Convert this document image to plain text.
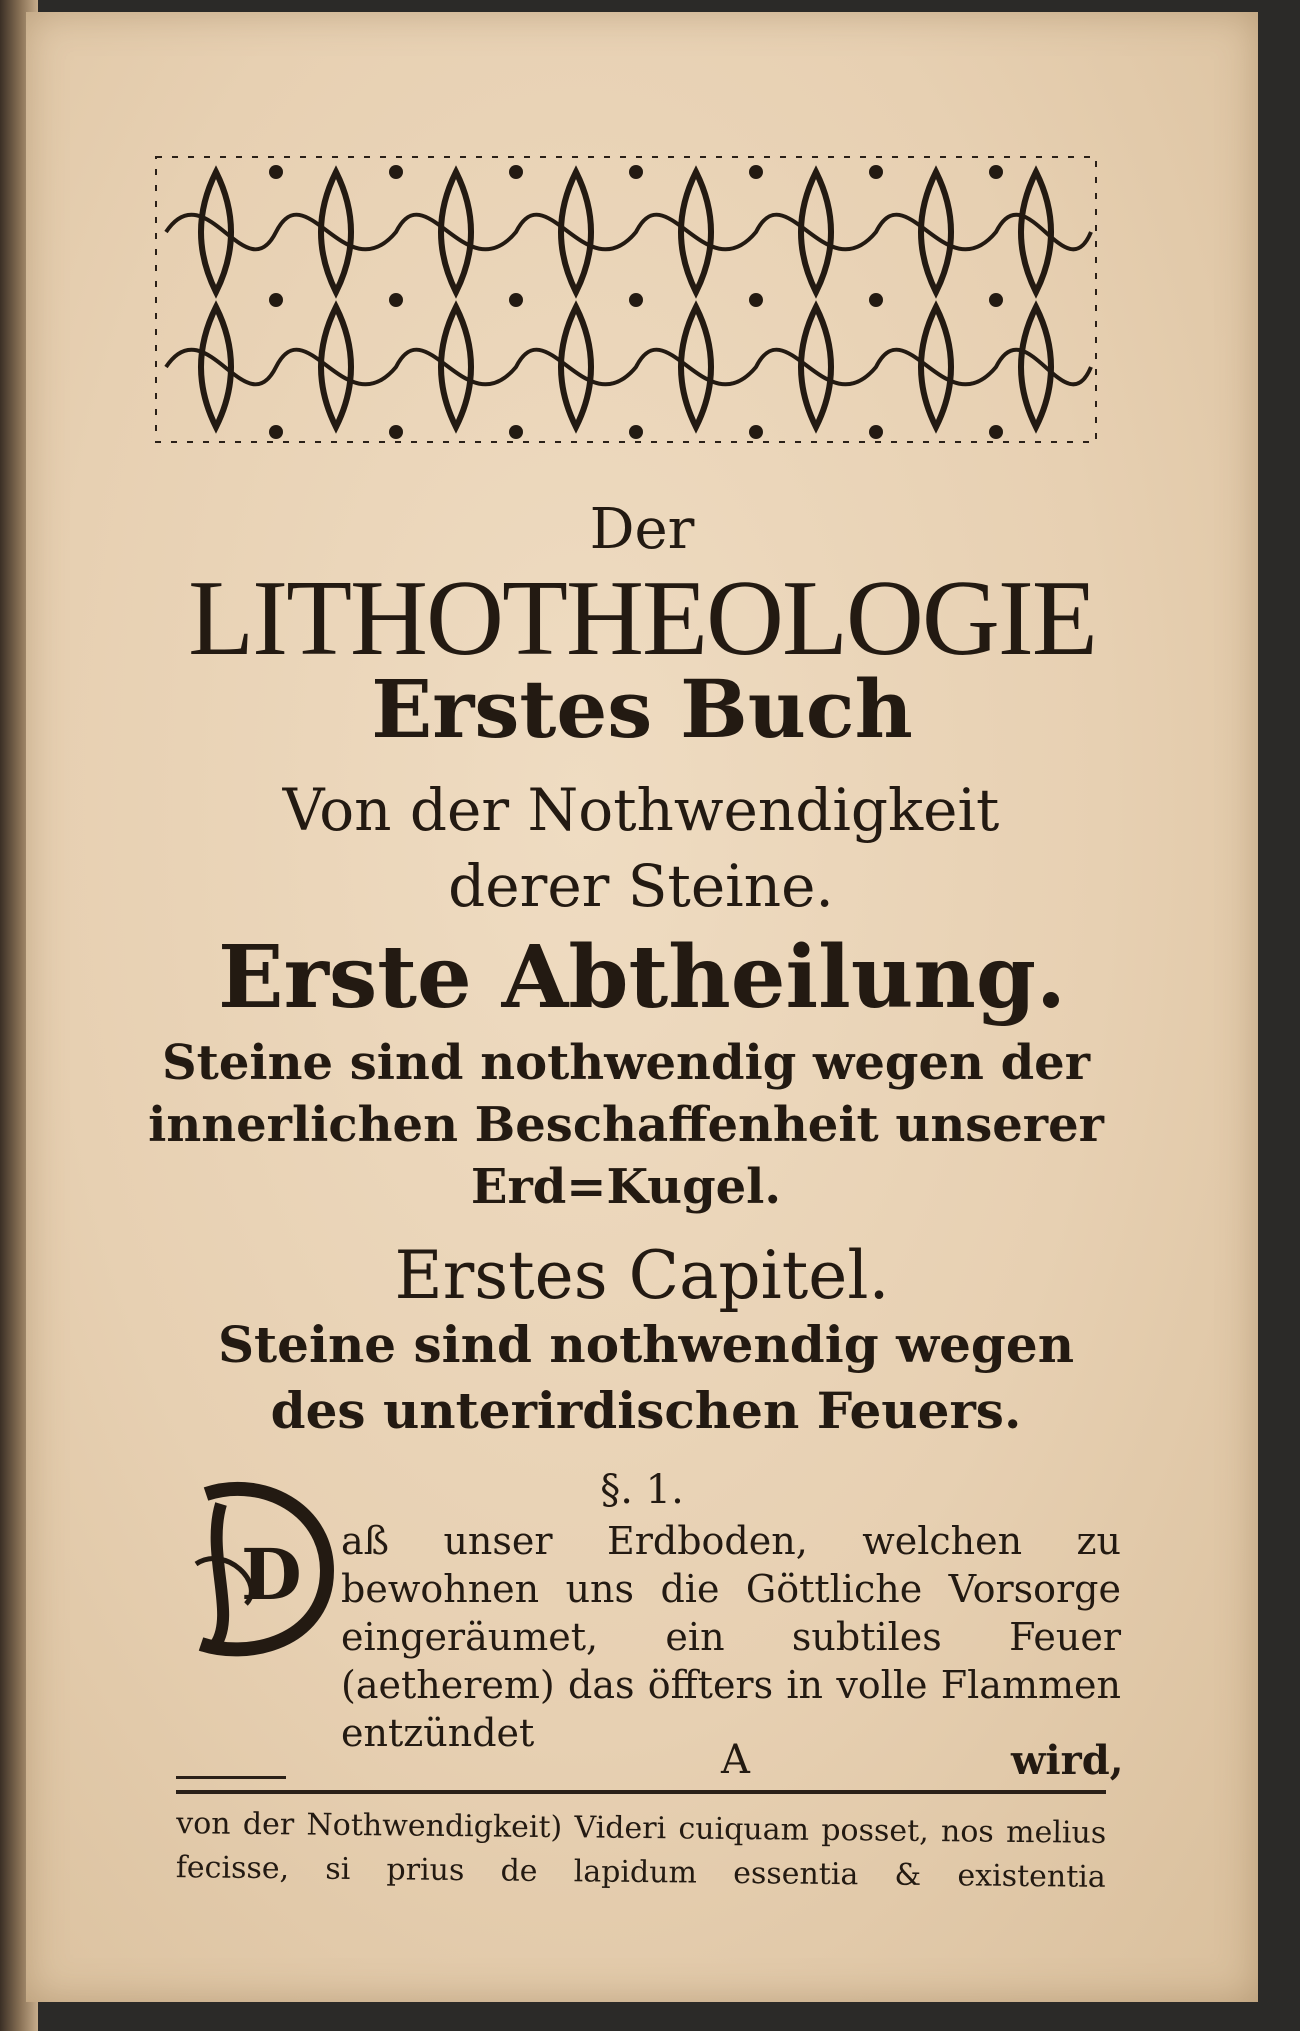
Der
LITHOTHEOLOGIE
Erstes Buch
Von der Nothwendigkeit derer Steine.
Erste Abtheilung.
Steine sind nothwendig wegen der innerlichen Beschaffenheit unserer Erd=Kugel.
Erstes Capitel.
Steine sind nothwendig wegen des unterirdischen Feuers.
§. 1.
D aß unser Erdboden, welchen zu bewohnen uns die Göttliche Vorsorge eingeräumet, ein subtiles Feuer (aetherem) das öffters in volle Flammen entzündet
A	wird,
von der Nothwendigkeit) Videri cuiquam posset, nos melius fecisse, si prius de lapidum essentia & existentia
